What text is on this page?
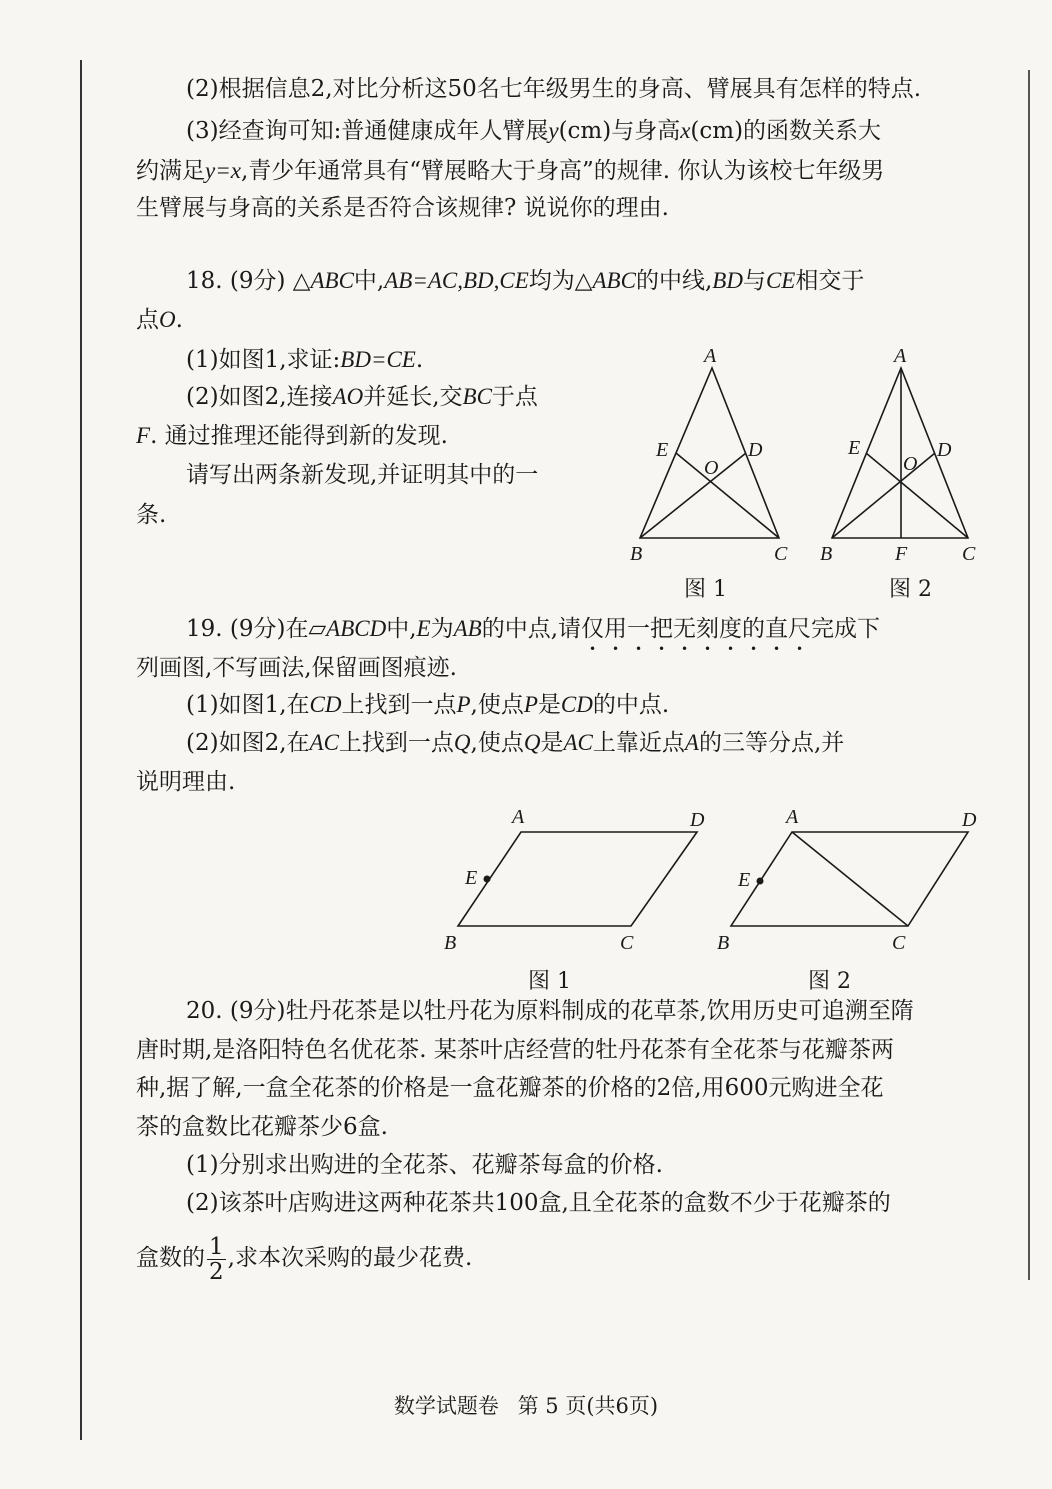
(2)根据信息2,对比分析这50名七年级男生的身高、臂展具有怎样的特点.
(3)经查询可知:普通健康成年人臂展y(cm)与身高x(cm)的函数关系大
约满足y=x,青少年通常具有“臂展略大于身高”的规律. 你认为该校七年级男
生臂展与身高的关系是否符合该规律? 说说你的理由.
18. (9分) △ABC中,AB=AC,BD,CE均为△ABC的中线,BD与CE相交于
点O.
(1)如图1,求证:BD=CE.
(2)如图2,连接AO并延长,交BC于点
F. 通过推理还能得到新的发现.
请写出两条新发现,并证明其中的一
条.
A
E	D
O
B	C
图 1
A
E	D
O
B	F	C
图 2
19. (9分)在▱ABCD中,E为AB的中点,请仅用一把无刻度的直尺完成下
列画图,不写画法,保留画图痕迹.
(1)如图1,在CD上找到一点P,使点P是CD的中点.
(2)如图2,在AC上找到一点Q,使点Q是AC上靠近点A的三等分点,并
说明理由.
A	D
E
B	C
图 1
A	D
E
B	C
图 2
20. (9分)牡丹花茶是以牡丹花为原料制成的花草茶,饮用历史可追溯至隋
唐时期,是洛阳特色名优花茶. 某茶叶店经营的牡丹花茶有全花茶与花瓣茶两
种,据了解,一盒全花茶的价格是一盒花瓣茶的价格的2倍,用600元购进全花
茶的盒数比花瓣茶少6盒.
(1)分别求出购进的全花茶、花瓣茶每盒的价格.
(2)该茶叶店购进这两种花茶共100盒,且全花茶的盒数不少于花瓣茶的
盒数的 $\frac{1}{2}$ ,求本次采购的最少花费.
数学试题卷 第 5 页(共6页)
